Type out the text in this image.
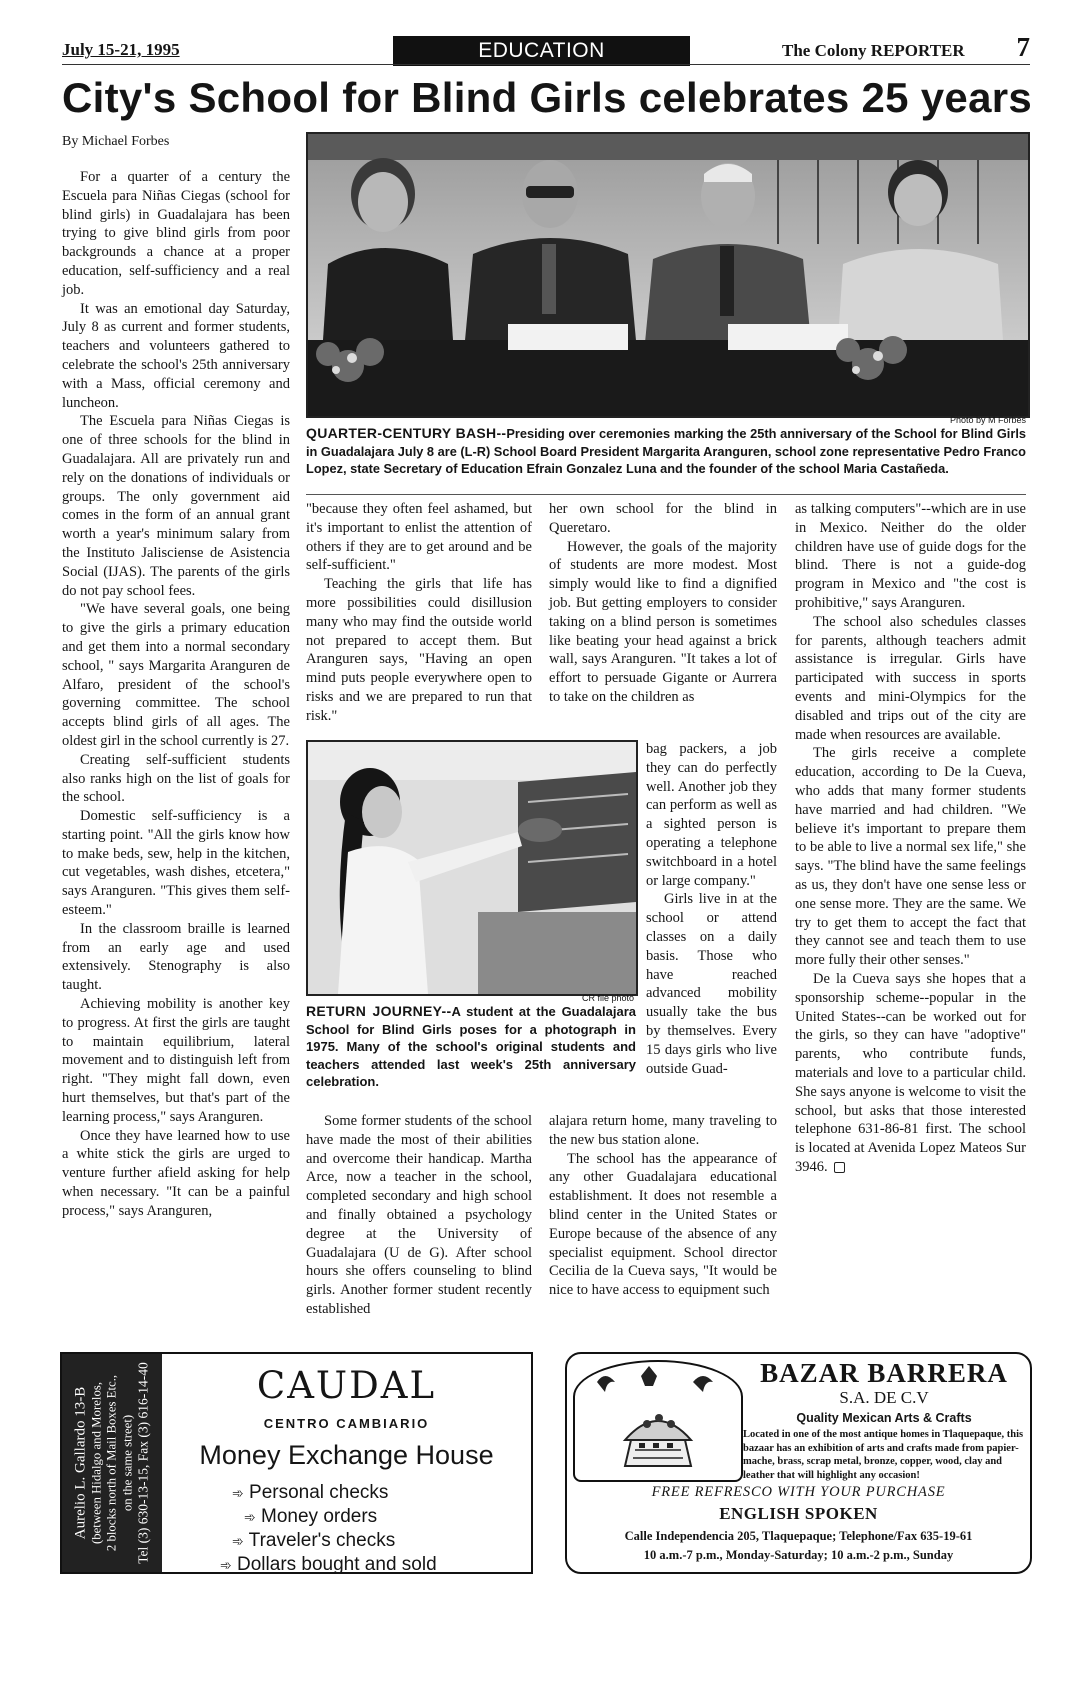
July 15-21, 1995	EDUCATION	The Colony REPORTER 7
City's School for Blind Girls celebrates 25 years
By Michael Forbes

For a quarter of a century the Escuela para Niñas Ciegas (school for blind girls) in Guadalajara has been trying to give blind girls from poor backgrounds a chance at a proper education, self-sufficiency and a real job.

It was an emotional day Saturday, July 8 as current and former students, teachers and volunteers gathered to celebrate the school's 25th anniversary with a Mass, official ceremony and luncheon.

The Escuela para Niñas Ciegas is one of three schools for the blind in Guadalajara. All are privately run and rely on the donations of individuals or groups. The only government aid comes in the form of an annual grant worth a year's minimum salary from the Instituto Jalisciense de Asistencia Social (IJAS). The parents of the girls do not pay school fees.

"We have several goals, one being to give the girls a primary education and get them into a normal secondary school, " says Margarita Aranguren de Alfaro, president of the school's governing committee. The school accepts blind girls of all ages. The oldest girl in the school currently is 27.

Creating self-sufficient students also ranks high on the list of goals for the school.

Domestic self-sufficiency is a starting point. "All the girls know how to make beds, sew, help in the kitchen, cut vegetables, wash dishes, etcetera," says Aranguren. "This gives them self-esteem."

In the classroom braille is learned from an early age and used extensively. Stenography is also taught.

Achieving mobility is another key to progress. At first the girls are taught to maintain equilibrium, lateral movement and to distinguish left from right. "They might fall down, even hurt themselves, but that's part of the learning process," says Aranguren.

Once they have learned how to use a white stick the girls are urged to venture further afield asking for help when necessary. "It can be a painful process," says Aranguren,

Photo by M Forbes
QUARTER-CENTURY BASH--Presiding over ceremonies marking the 25th anniversary of the School for Blind Girls in Guadalajara July 8 are (L-R) School Board President Margarita Aranguren, school zone representative Pedro Franco Lopez, state Secretary of Education Efrain Gonzalez Luna and the founder of the school Maria Castañeda.

"because they often feel ashamed, but it's important to enlist the attention of others if they are to get around and be self-sufficient."

Teaching the girls that life has more possibilities could disillusion many who may find the outside world not prepared to accept them. But Aranguren says, "Having an open mind puts people everywhere open to risks and we are prepared to run that risk."

her own school for the blind in Queretaro.

However, the goals of the majority of students are more modest. Most simply would like to find a dignified job. But getting employers to consider taking on a blind person is sometimes like beating your head against a brick wall, says Aranguren. "It takes a lot of effort to persuade Gigante or Aurrera to take on the children as

CR file photo
RETURN JOURNEY--A student at the Guadalajara School for Blind Girls poses for a photograph in 1975. Many of the school's original students and teachers attended last week's 25th anniversary celebration.

bag packers, a job they can do perfectly well. Another job they can perform as well as a sighted person is operating a telephone switchboard in a hotel or large company."

Girls live in at the school or attend classes on a daily basis. Those who have reached advanced mobility usually take the bus by themselves. Every 15 days girls who live outside Guad-

Some former students of the school have made the most of their abilities and overcome their handicap. Martha Arce, now a teacher in the school, completed secondary and high school and finally obtained a psychology degree at the University of Guadalajara (U de G). After school hours she offers counseling to blind girls. Another former student recently established

alajara return home, many traveling to the new bus station alone.

The school has the appearance of any other Guadalajara educational establishment. It does not resemble a blind center in the United States or Europe because of the absence of any specialist equipment. School director Cecilia de la Cueva says, "It would be nice to have access to equipment such

as talking computers"--which are in use in Mexico. Neither do the older children have use of guide dogs for the blind. There is not a guide-dog program in Mexico and "the cost is prohibitive," says Aranguren.

The school also schedules classes for parents, although teachers admit assistance is irregular. Girls have participated with success in sports events and mini-Olympics for the disabled and trips out of the city are made when resources are available.

The girls receive a complete education, according to De la Cueva, who adds that many former students have married and had children. "We believe it's important to prepare them to be able to live a normal sex life," she says. "The blind have the same feelings as us, they don't have one sense less or one sense more. They are the same. We try to get them to accept the fact that they cannot see and teach them to use more fully their other senses."

De la Cueva says she hopes that a sponsorship scheme--popular in the United States--can be worked out for the girls, so they can have "adoptive" parents, who contribute funds, materials and love to a particular child. She says anyone is welcome to visit the school, but asks that those interested telephone 631-86-81 first. The school is located at Avenida Lopez Mateos Sur 3946.

Aurelio L. Gallardo 13-B (between Hidalgo and Morelos, 2 blocks north of Mail Boxes Etc., on the same street) Tel (3) 630-13-15, Fax (3) 616-14-40	CAUDAL
CENTRO CAMBIARIO
Money Exchange House
➾ Personal checks
➾ Money orders
➾ Traveler's checks
➾ Dollars bought and sold
BAZAR BARRERA
S.A. DE C.V
Quality Mexican Arts & Crafts
Located in one of the most antique homes in Tlaquepaque, this bazaar has an exhibition of arts and crafts made from papier-mache, brass, scrap metal, bronze, copper, wood, clay and leather that will highlight any occasion!
FREE REFRESCO WITH YOUR PURCHASE
ENGLISH SPOKEN
Calle Independencia 205, Tlaquepaque; Telephone/Fax 635-19-61
10 a.m.-7 p.m., Monday-Saturday; 10 a.m.-2 p.m., Sunday
